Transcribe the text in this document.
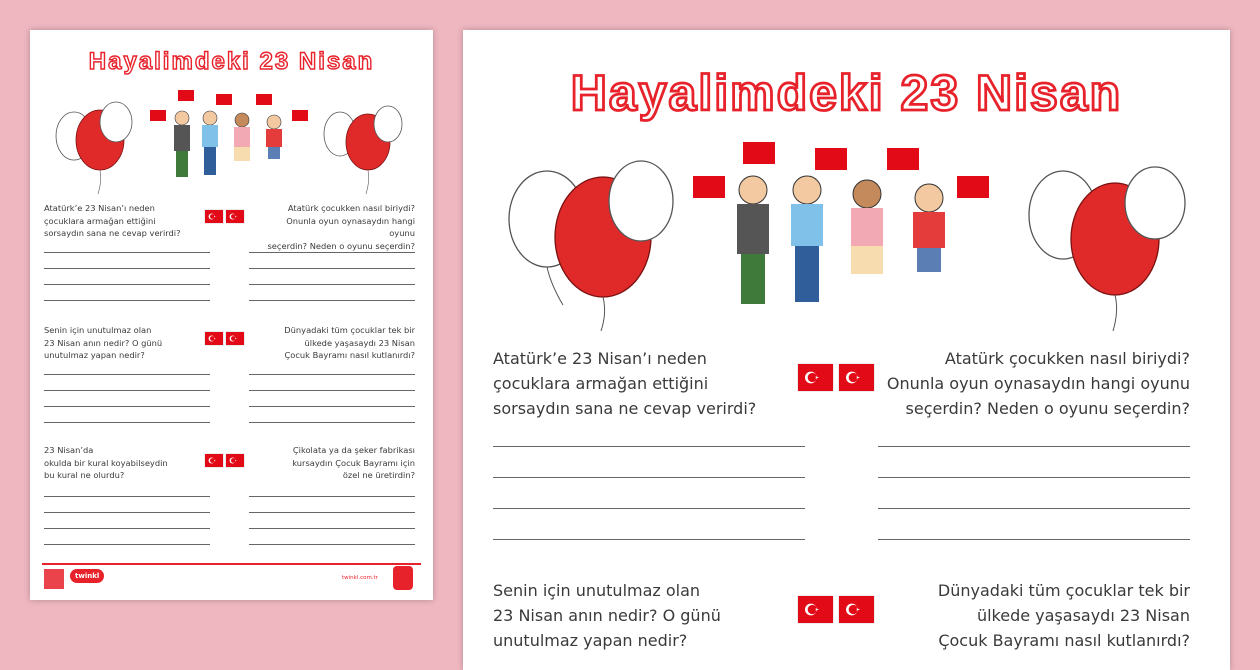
Hayalimdeki 23 Nisan
Atatürk’e 23 Nisan’ı neden
çocuklara armağan ettiğini
sorsaydın sana ne cevap verirdi?
Atatürk çocukken nasıl biriydi?
Onunla oyun oynasaydın hangi oyunu
seçerdin? Neden o oyunu seçerdin?
Senin için unutulmaz olan
23 Nisan anın nedir? O günü
unutulmaz yapan nedir?
Dünyadaki tüm çocuklar tek bir
ülkede yaşasaydı 23 Nisan
Çocuk Bayramı nasıl kutlanırdı?
23 Nisan’da
okulda bir kural koyabilseydin
bu kural ne olurdu?
Çikolata ya da şeker fabrikası
kursaydın Çocuk Bayramı için
özel ne üretirdin?
twinkl	twinkl.com.tr
Hayalimdeki 23 Nisan
Atatürk’e 23 Nisan’ı neden
çocuklara armağan ettiğini
sorsaydın sana ne cevap verirdi?
Atatürk çocukken nasıl biriydi?
Onunla oyun oynasaydın hangi oyunu
seçerdin? Neden o oyunu seçerdin?
Senin için unutulmaz olan
23 Nisan anın nedir? O günü
unutulmaz yapan nedir?
Dünyadaki tüm çocuklar tek bir
ülkede yaşasaydı 23 Nisan
Çocuk Bayramı nasıl kutlanırdı?
